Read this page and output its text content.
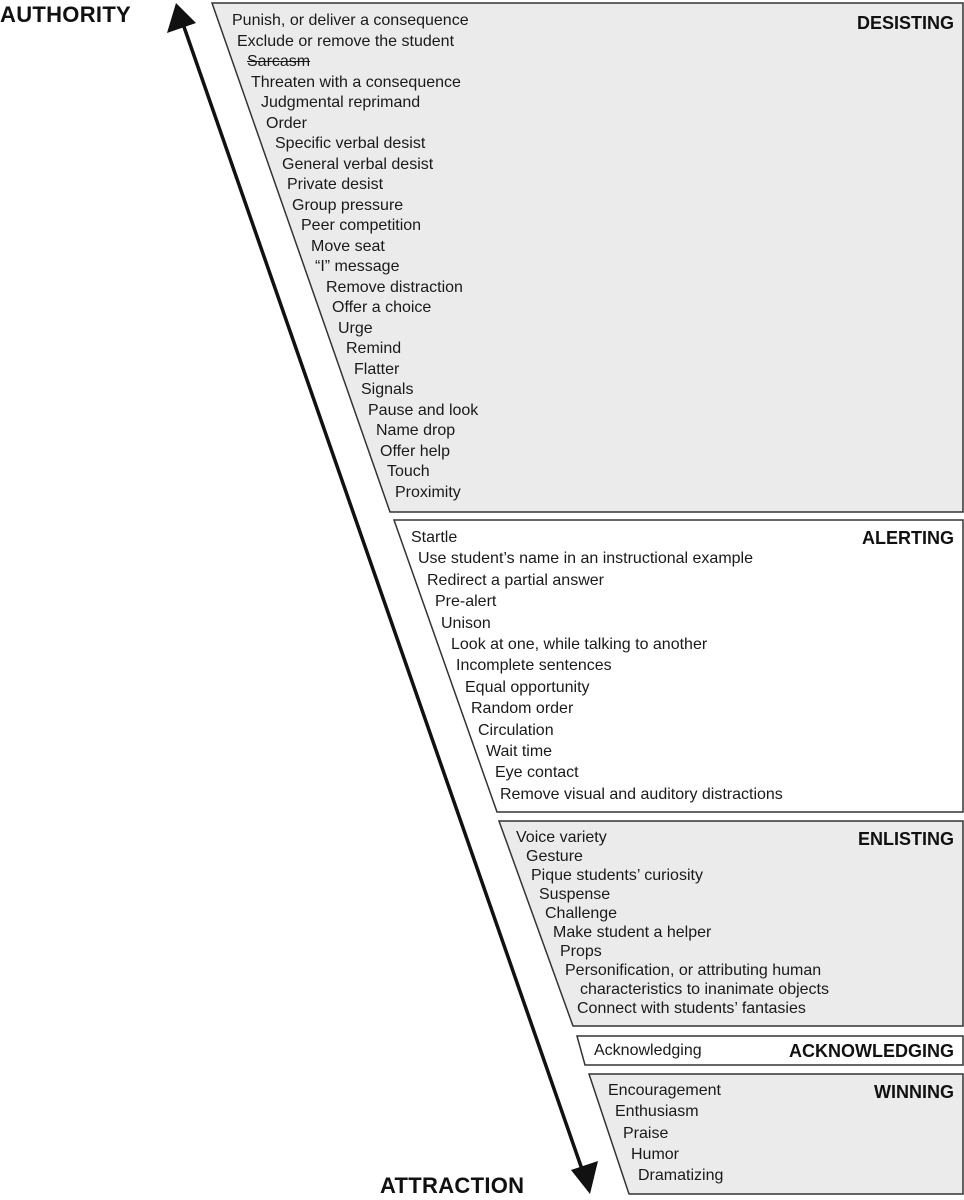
AUTHORITY
ATTRACTION
DESISTING
ALERTING
ENLISTING
ACKNOWLEDGING
WINNING
Punish, or deliver a consequence
Exclude or remove the student
Sarcasm
Threaten with a consequence
Judgmental reprimand
Order
Specific verbal desist
General verbal desist
Private desist
Group pressure
Peer competition
Move seat
“I” message
Remove distraction
Offer a choice
Urge
Remind
Flatter
Signals
Pause and look
Name drop
Offer help
Touch
Proximity
Startle
Use student’s name in an instructional example
Redirect a partial answer
Pre-alert
Unison
Look at one, while talking to another
Incomplete sentences
Equal opportunity
Random order
Circulation
Wait time
Eye contact
Remove visual and auditory distractions
Voice variety
Gesture
Pique students’ curiosity
Suspense
Challenge
Make student a helper
Props
Personification, or attributing human
characteristics to inanimate objects
Connect with students’ fantasies
Acknowledging
Encouragement
Enthusiasm
Praise
Humor
Dramatizing
